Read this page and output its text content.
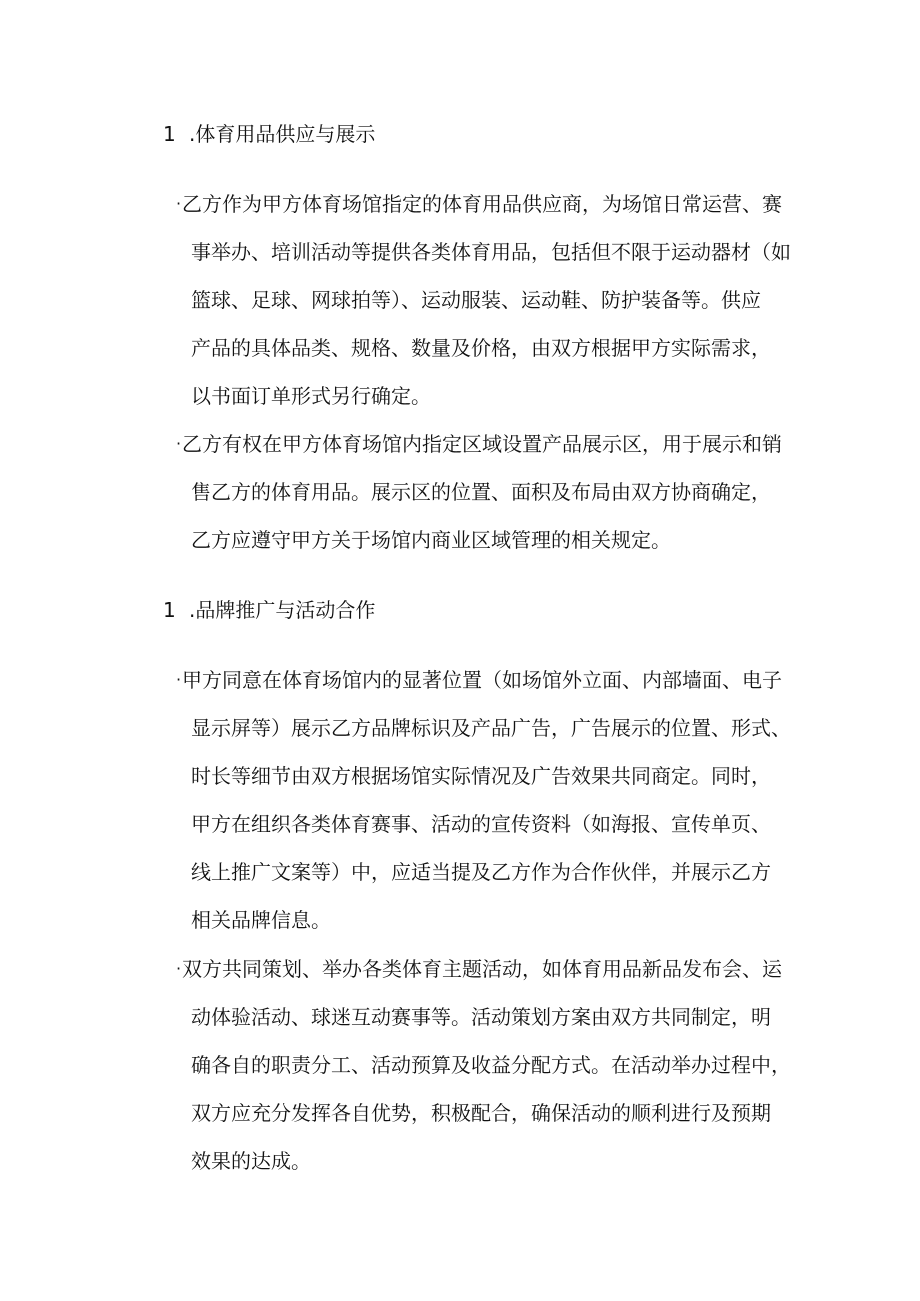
1 .体育用品供应与展示
·乙方作为甲方体育场馆指定的体育用品供应商，为场馆日常运营、赛
事举办、培训活动等提供各类体育用品，包括但不限于运动器材（如
篮球、足球、网球拍等）、运动服装、运动鞋、防护装备等。供应
产品的具体品类、规格、数量及价格，由双方根据甲方实际需求，
以书面订单形式另行确定。
·乙方有权在甲方体育场馆内指定区域设置产品展示区，用于展示和销
售乙方的体育用品。展示区的位置、面积及布局由双方协商确定，
乙方应遵守甲方关于场馆内商业区域管理的相关规定。
1 .品牌推广与活动合作
·甲方同意在体育场馆内的显著位置（如场馆外立面、内部墙面、电子
显示屏等）展示乙方品牌标识及产品广告，广告展示的位置、形式、
时长等细节由双方根据场馆实际情况及广告效果共同商定。同时，
甲方在组织各类体育赛事、活动的宣传资料（如海报、宣传单页、
线上推广文案等）中，应适当提及乙方作为合作伙伴，并展示乙方
相关品牌信息。
·双方共同策划、举办各类体育主题活动，如体育用品新品发布会、运
动体验活动、球迷互动赛事等。活动策划方案由双方共同制定，明
确各自的职责分工、活动预算及收益分配方式。在活动举办过程中，
双方应充分发挥各自优势，积极配合，确保活动的顺利进行及预期
效果的达成。
